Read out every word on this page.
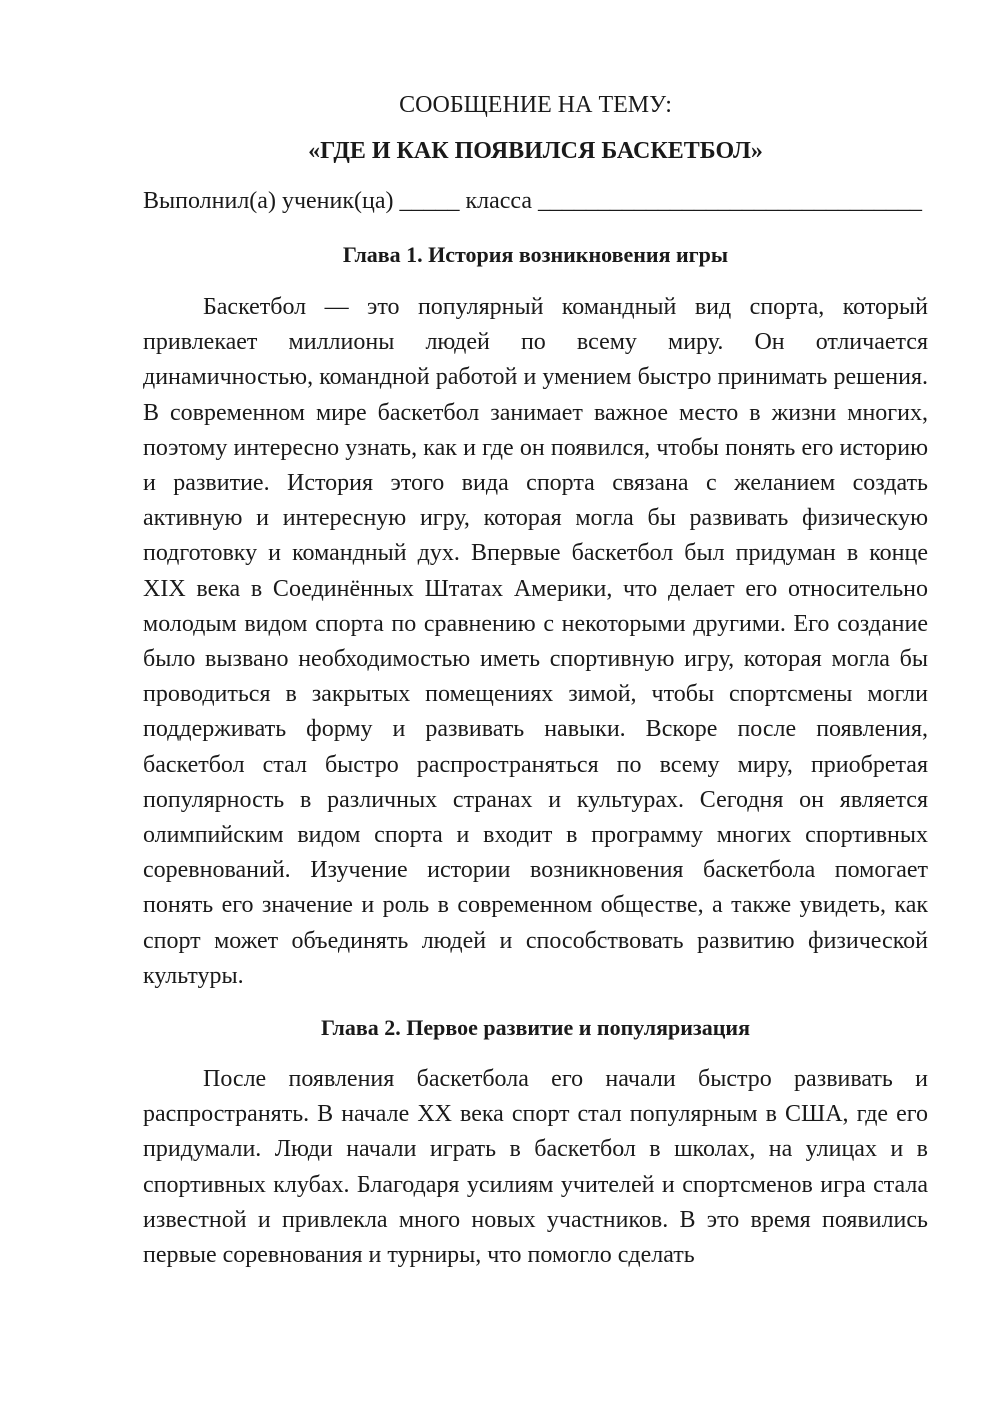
СООБЩЕНИЕ НА ТЕМУ:

«ГДЕ И КАК ПОЯВИЛСЯ БАСКЕТБОЛ»

Выполнил(а) ученик(ца) _____ класса ________________________________

Глава 1. История возникновения игры

Баскетбол — это популярный командный вид спорта, который привлекает миллионы людей по всему миру. Он отличается динамичностью, командной работой и умением быстро принимать решения. В современном мире баскетбол занимает важное место в жизни многих, поэтому интересно узнать, как и где он появился, чтобы понять его историю и развитие. История этого вида спорта связана с желанием создать активную и интересную игру, которая могла бы развивать физическую подготовку и командный дух. Впервые баскетбол был придуман в конце XIX века в Соединённых Штатах Америки, что делает его относительно молодым видом спорта по сравнению с некоторыми другими. Его создание было вызвано необходимостью иметь спортивную игру, которая могла бы проводиться в закрытых помещениях зимой, чтобы спортсмены могли поддерживать форму и развивать навыки. Вскоре после появления, баскетбол стал быстро распространяться по всему миру, приобретая популярность в различных странах и культурах. Сегодня он является олимпийским видом спорта и входит в программу многих спортивных соревнований. Изучение истории возникновения баскетбола помогает понять его значение и роль в современном обществе, а также увидеть, как спорт может объединять людей и способствовать развитию физической культуры.

Глава 2. Первое развитие и популяризация

После появления баскетбола его начали быстро развивать и распространять. В начале XX века спорт стал популярным в США, где его придумали. Люди начали играть в баскетбол в школах, на улицах и в спортивных клубах. Благодаря усилиям учителей и спортсменов игра стала известной и привлекла много новых участников. В это время появились первые соревнования и турниры, что помогло сделать
